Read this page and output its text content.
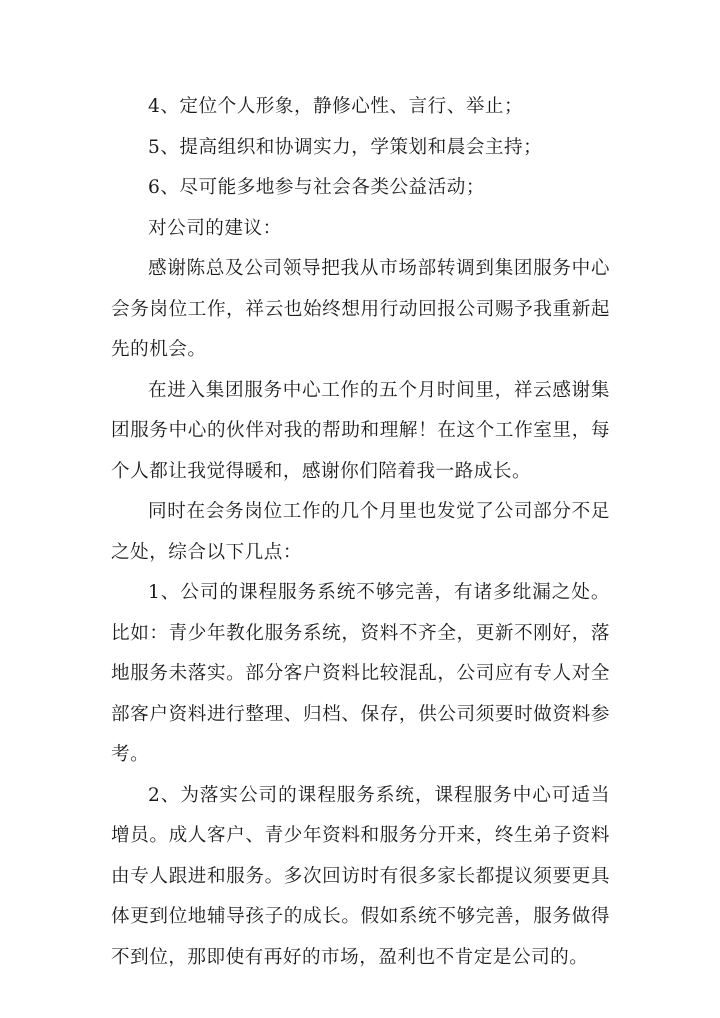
4、定位个人形象，静修心性、言行、举止；

5、提高组织和协调实力，学策划和晨会主持；

6、尽可能多地参与社会各类公益活动；

对公司的建议：

感谢陈总及公司领导把我从市场部转调到集团服务中心会务岗位工作，祥云也始终想用行动回报公司赐予我重新起先的机会。

在进入集团服务中心工作的五个月时间里，祥云感谢集团服务中心的伙伴对我的帮助和理解！在这个工作室里，每个人都让我觉得暖和，感谢你们陪着我一路成长。

同时在会务岗位工作的几个月里也发觉了公司部分不足之处，综合以下几点：

1、公司的课程服务系统不够完善，有诸多纰漏之处。比如：青少年教化服务系统，资料不齐全，更新不刚好，落地服务未落实。部分客户资料比较混乱，公司应有专人对全部客户资料进行整理、归档、保存，供公司须要时做资料参考。

2、为落实公司的课程服务系统，课程服务中心可适当增员。成人客户、青少年资料和服务分开来，终生弟子资料由专人跟进和服务。多次回访时有很多家长都提议须要更具体更到位地辅导孩子的成长。假如系统不够完善，服务做得不到位，那即使有再好的市场，盈利也不肯定是公司的。
